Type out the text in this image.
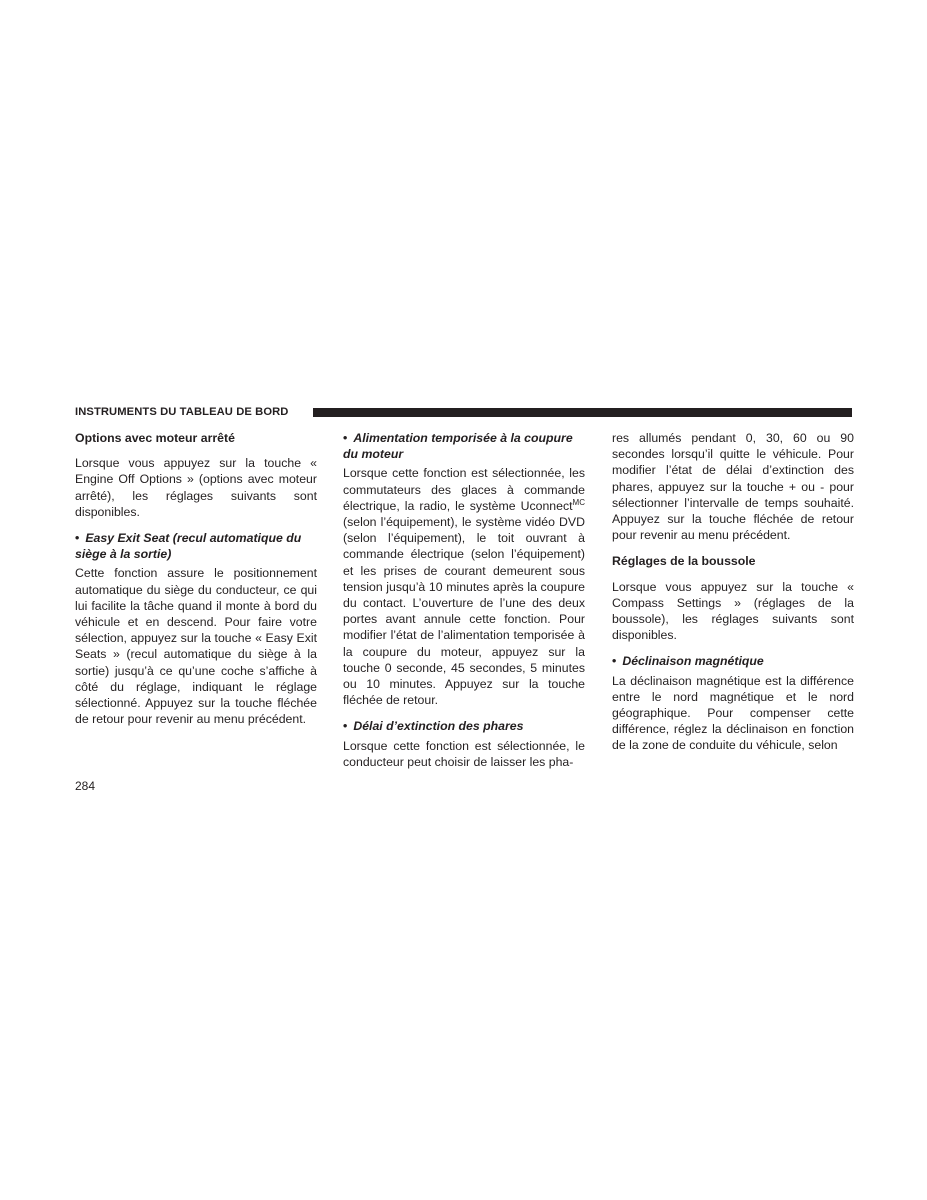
INSTRUMENTS DU TABLEAU DE BORD
Options avec moteur arrêté

Lorsque vous appuyez sur la touche « Engine Off Options » (options avec moteur arrêté), les réglages suivants sont disponibles.

• Easy Exit Seat (recul automatique du siège à la sortie)

Cette fonction assure le positionnement automatique du siège du conducteur, ce qui lui facilite la tâche quand il monte à bord du véhicule et en descend. Pour faire votre sélection, appuyez sur la touche « Easy Exit Seats » (recul automatique du siège à la sortie) jusqu’à ce qu’une coche s’affiche à côté du réglage, indiquant le réglage sélectionné. Appuyez sur la touche fléchée de retour pour revenir au menu précédent.

• Alimentation temporisée à la coupure du moteur

Lorsque cette fonction est sélectionnée, les commutateurs des glaces à commande électrique, la radio, le système Uconnect$^{MC}$ (selon l’équipement), le système vidéo DVD (selon l’équipement), le toit ouvrant à commande électrique (selon l’équipement) et les prises de courant demeurent sous tension jusqu’à 10 minutes après la coupure du contact. L’ouverture de l’une des deux portes avant annule cette fonction. Pour modifier l’état de l’alimentation temporisée à la coupure du moteur, appuyez sur la touche 0 seconde, 45 secondes, 5 minutes ou 10 minutes. Appuyez sur la touche fléchée de retour.

• Délai d’extinction des phares

Lorsque cette fonction est sélectionnée, le conducteur peut choisir de laisser les pha-

res allumés pendant 0, 30, 60 ou 90 secondes lorsqu’il quitte le véhicule. Pour modifier l’état de délai d’extinction des phares, appuyez sur la touche + ou - pour sélectionner l’intervalle de temps souhaité. Appuyez sur la touche fléchée de retour pour revenir au menu précédent.

Réglages de la boussole

Lorsque vous appuyez sur la touche « Compass Settings » (réglages de la boussole), les réglages suivants sont disponibles.

• Déclinaison magnétique

La déclinaison magnétique est la différence entre le nord magnétique et le nord géographique. Pour compenser cette différence, réglez la déclinaison en fonction de la zone de conduite du véhicule, selon

284
